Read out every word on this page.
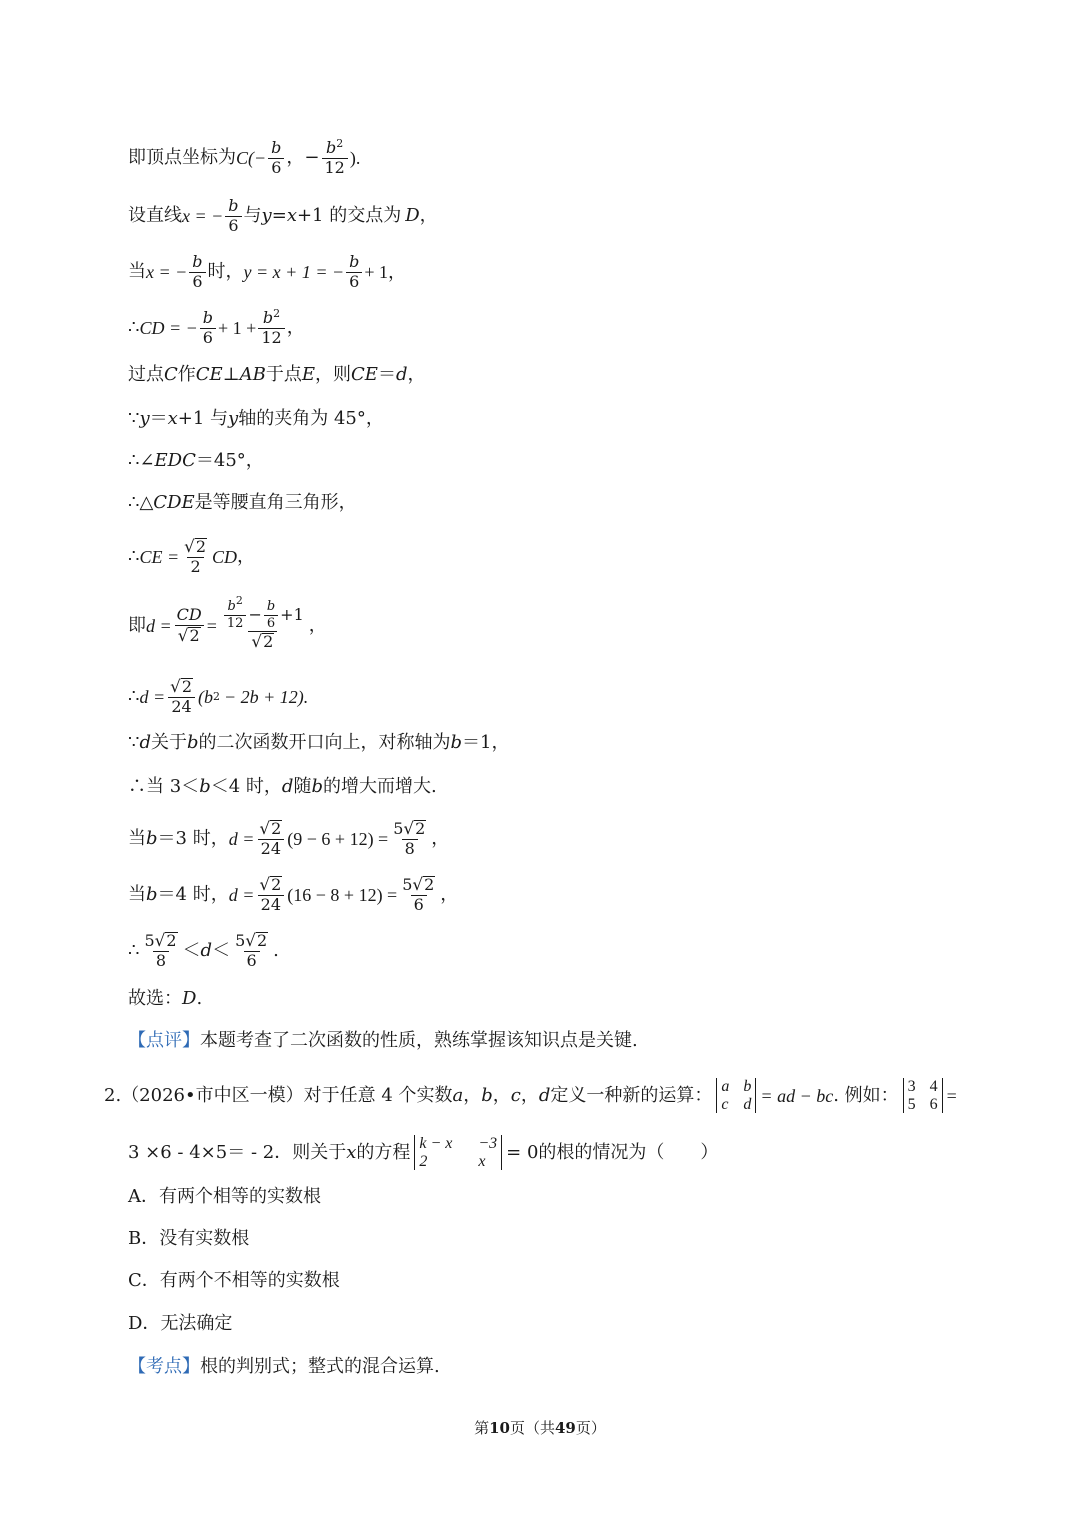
即顶点坐标为 $C(- \frac{b}{6}$ ，− $\frac{b^2}{12}$ ).
设直线 x = − $\frac{b}{6}$ 与 y = x +1 的交点为 D ，
当 x = − $\frac{b}{6}$ 时， y = x + 1 = − $\frac{b}{6} + 1$，
∴ CD = − $\frac{b}{6} + 1 + \frac{b^2}{12}$ ，
过点 C 作 CE ⊥ AB 于点 E ，则 CE ＝ d ，
∵ y ＝ x +1 与 y 轴的夹角为 45°，
∴∠ EDC ＝45°，
∴△ CDE 是等腰直角三角形，
∴ CE = $\frac{√ 2}{2}$ CD ，
即 $d = \frac{CD}{√ 2}$ =
$b^2$
$12 - \frac{b}{6} +1$
√ 2
，
∴ $d = \frac{√ 2}{24} (b$ 2 − 2b + 12).
∵ d 关于 b 的二次函数开口向上，对称轴为 b ＝1，
∴当 3＜ b ＜4 时， d 随 b 的增大而增大.
当 b ＝3 时， $d = \frac{√ 2}{24} (9 - 6 + 12) = \frac{5 √ 2}{8}$ ，
当 b ＝4 时， $d = \frac{√ 2}{24} (16 - 8 + 12) = \frac{5 √ 2}{6}$ ，
∴ 5 √ 2
8 ＜ d ＜ 5 √ 2
6 .
故选： D .
【点评】 本题考查了二次函数的性质，熟练掌握该知识点是关键.
2. （2026•市中区一模） 对于任意 4 个实数 a ， b ， c ， d 定义一种新的运算： a b
c d = ad − bc . 例如： 3 4
5 6 =
3 ×6 ‐ 4×5＝ ‐ 2．则关于 x 的方程 k − x −3
2	x	= 0的根的情况为（　　）
A． 有两个相等的实数根
B． 没有实数根
C． 有两个不相等的实数根
D． 无法确定
【考点】 根的判别式；整式的混合运算.
第10页（共49页）
